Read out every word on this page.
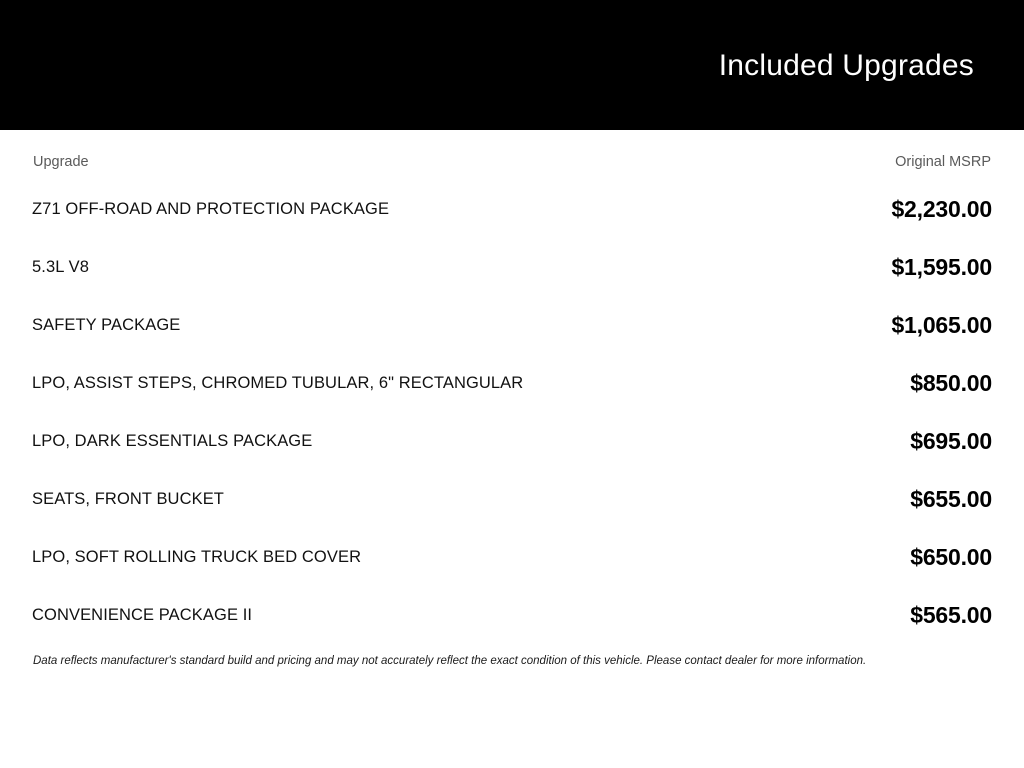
Included Upgrades
Upgrade	Original MSRP
Z71 OFF-ROAD AND PROTECTION PACKAGE	$2,230.00
5.3L V8	$1,595.00
SAFETY PACKAGE	$1,065.00
LPO, ASSIST STEPS, CHROMED TUBULAR, 6" RECTANGULAR	$850.00
LPO, DARK ESSENTIALS PACKAGE	$695.00
SEATS, FRONT BUCKET	$655.00
LPO, SOFT ROLLING TRUCK BED COVER	$650.00
CONVENIENCE PACKAGE II	$565.00
Data reflects manufacturer's standard build and pricing and may not accurately reflect the exact condition of this vehicle. Please contact dealer for more information.
